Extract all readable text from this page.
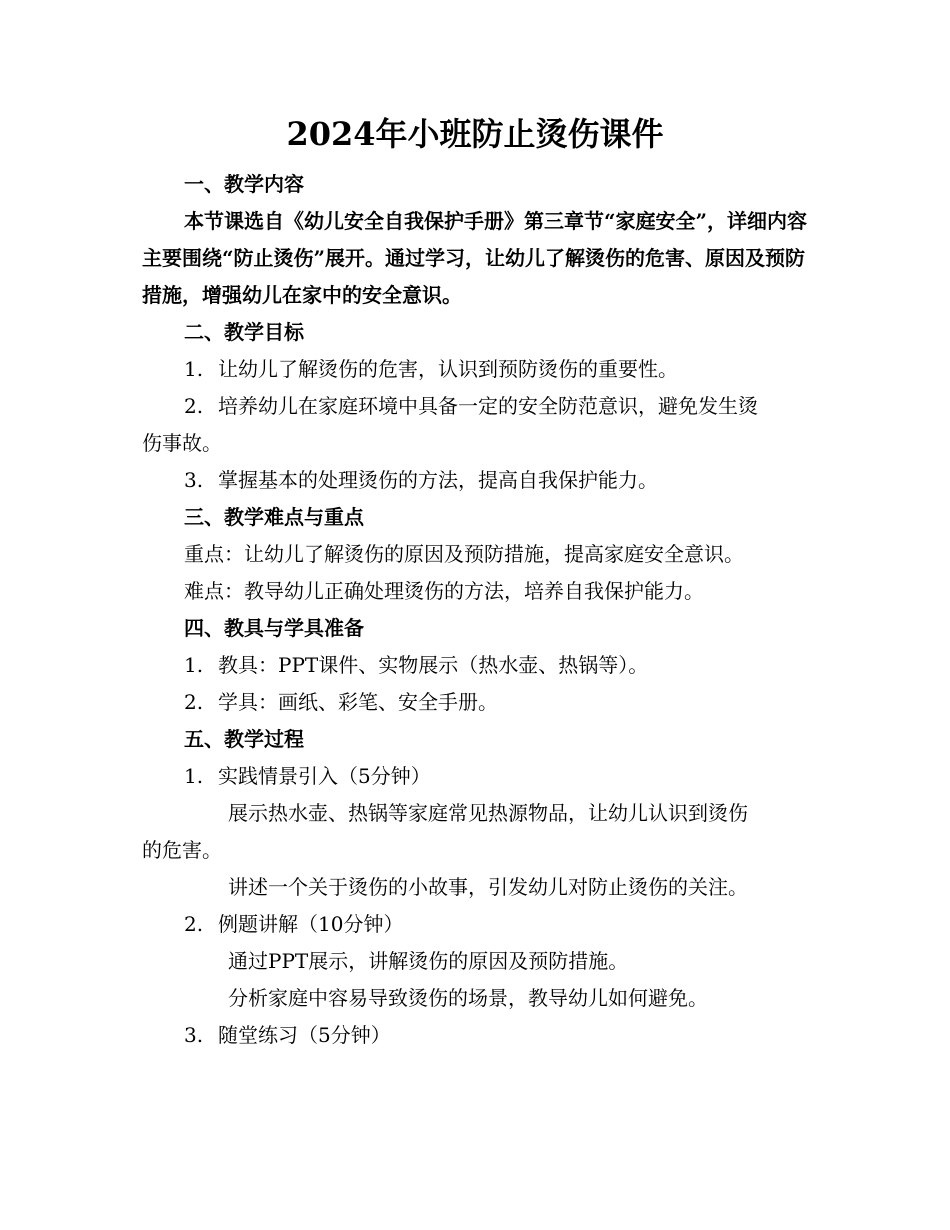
2024年小班防止烫伤课件
一、教学内容

本节课选自《幼儿安全自我保护手册》第三章节“家庭安全”，详细内容主要围绕“防止烫伤”展开。通过学习，让幼儿了解烫伤的危害、原因及预防措施，增强幼儿在家中的安全意识。

二、教学目标
1. 让幼儿了解烫伤的危害，认识到预防烫伤的重要性。
2. 培养幼儿在家庭环境中具备一定的安全防范意识，避免发生烫
伤事故。
3. 掌握基本的处理烫伤的方法，提高自我保护能力。
三、教学难点与重点
重点：让幼儿了解烫伤的原因及预防措施，提高家庭安全意识。
难点：教导幼儿正确处理烫伤的方法，培养自我保护能力。
四、教具与学具准备
1. 教具：PPT课件、实物展示（热水壶、热锅等）。
2. 学具：画纸、彩笔、安全手册。
五、教学过程
1. 实践情景引入（5分钟）
展示热水壶、热锅等家庭常见热源物品，让幼儿认识到烫伤
的危害。
讲述一个关于烫伤的小故事，引发幼儿对防止烫伤的关注。
2. 例题讲解（10分钟）
通过PPT展示，讲解烫伤的原因及预防措施。
分析家庭中容易导致烫伤的场景，教导幼儿如何避免。
3. 随堂练习（5分钟）
